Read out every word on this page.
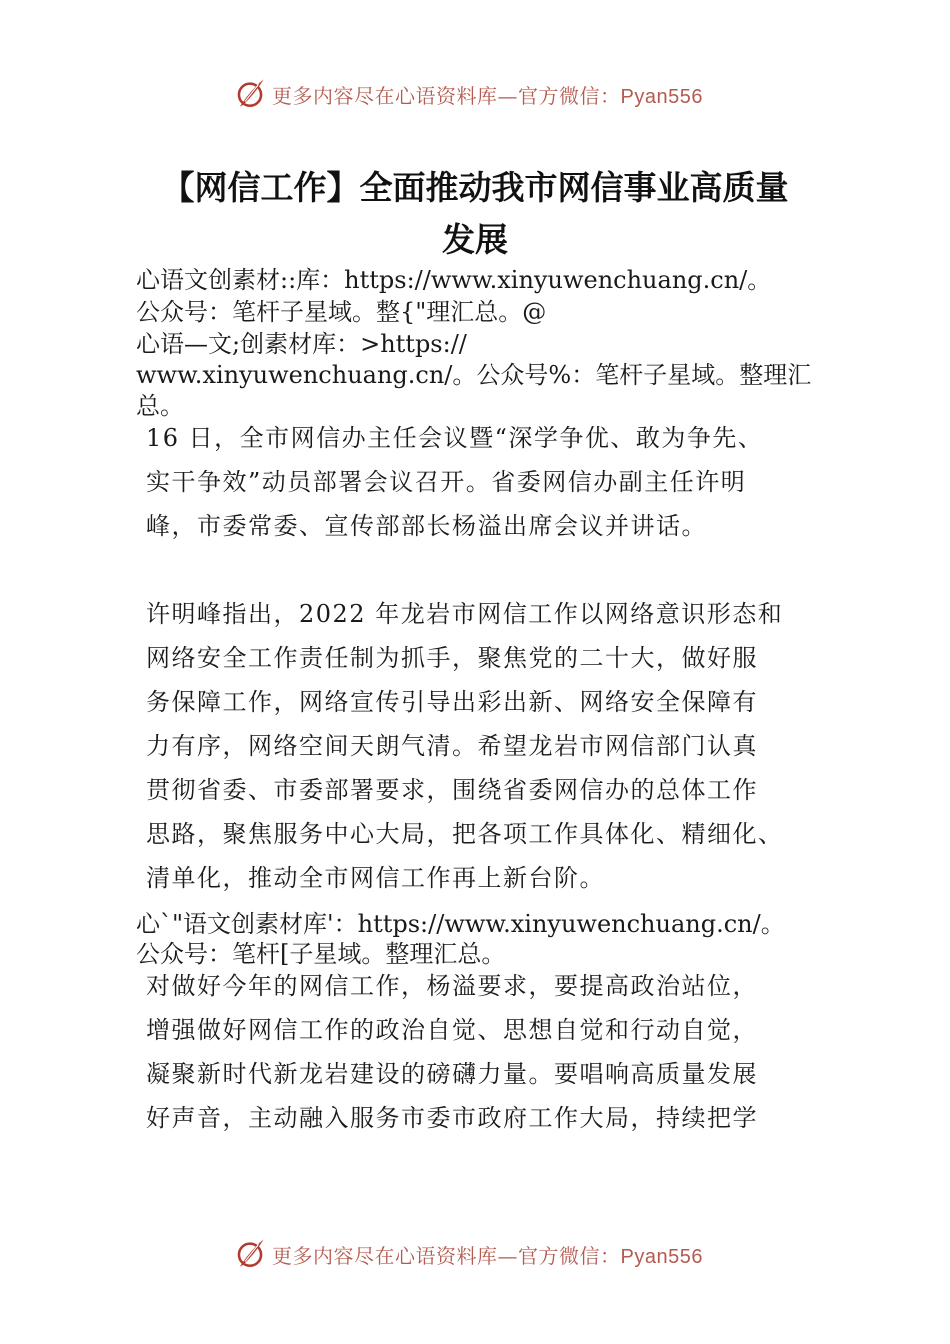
更多内容尽在心语资料库—官方微信：Pyan556
【网信工作】全面推动我市网信事业高质量
发展
心语文创素材::库：https://www.xinyuwenchuang.cn/。
公众号：笔杆子星域。整{"理汇总。@
心语—文;创素材库：>https://
www.xinyuwenchuang.cn/。公众号%：笔杆子星域。整理汇
总。
16 日，全市网信办主任会议暨“深学争优、敢为争先、
实干争效”动员部署会议召开。省委网信办副主任许明
峰，市委常委、宣传部部长杨溢出席会议并讲话。
许明峰指出，2022 年龙岩市网信工作以网络意识形态和
网络安全工作责任制为抓手，聚焦党的二十大，做好服
务保障工作，网络宣传引导出彩出新、网络安全保障有
力有序，网络空间天朗气清。希望龙岩市网信部门认真
贯彻省委、市委部署要求，围绕省委网信办的总体工作
思路，聚焦服务中心大局，把各项工作具体化、精细化、
清单化，推动全市网信工作再上新台阶。
心`"语文创素材库'：https://www.xinyuwenchuang.cn/。
公众号：笔杆[子星域。整理汇总。
对做好今年的网信工作，杨溢要求，要提高政治站位，
增强做好网信工作的政治自觉、思想自觉和行动自觉，
凝聚新时代新龙岩建设的磅礴力量。要唱响高质量发展
好声音，主动融入服务市委市政府工作大局，持续把学
更多内容尽在心语资料库—官方微信：Pyan556
